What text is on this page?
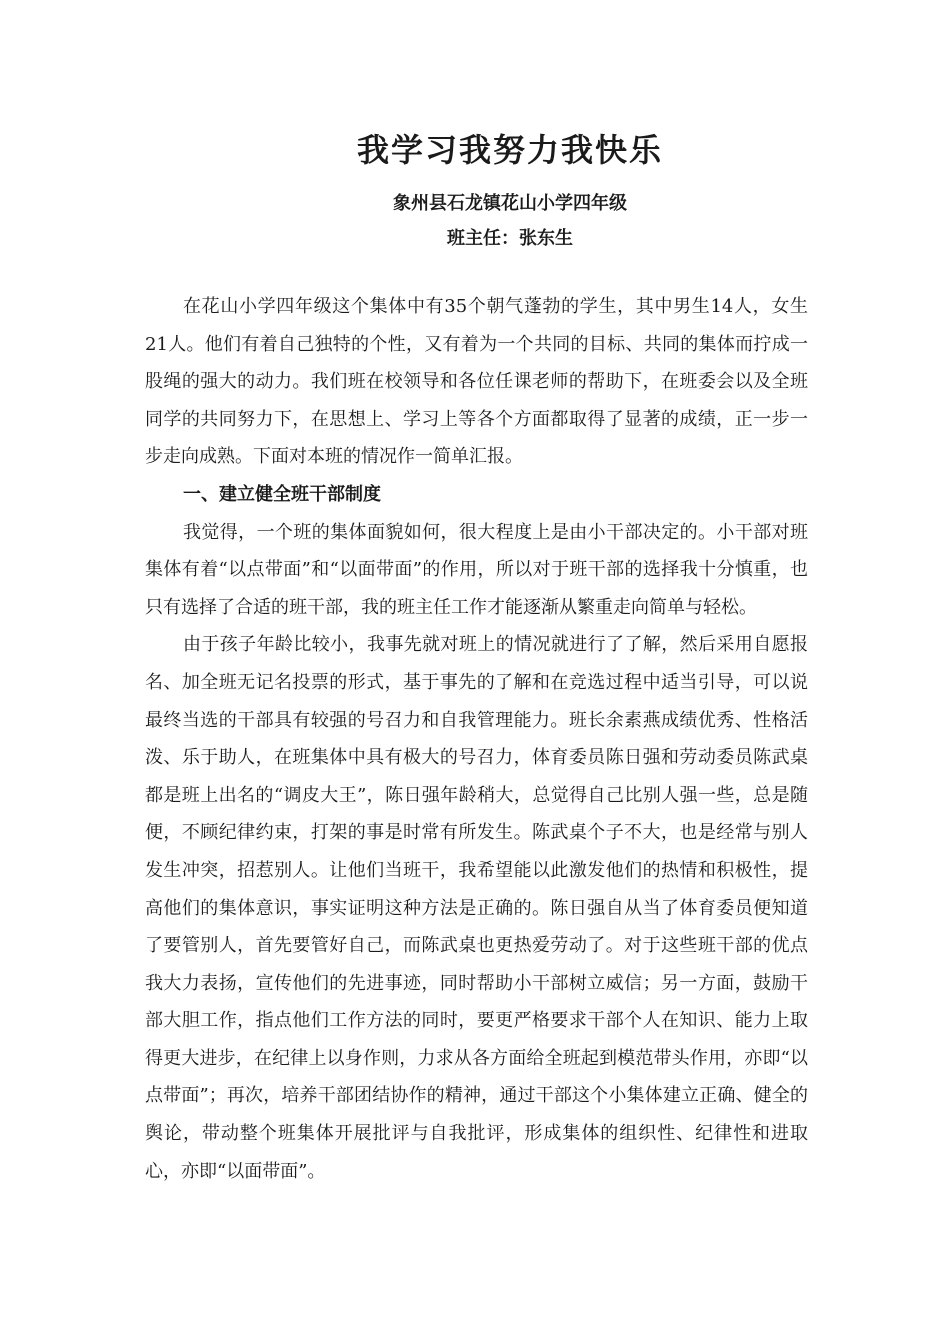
我学习我努力我快乐

象州县石龙镇花山小学四年级

班主任：张东生

在花山小学四年级这个集体中有35个朝气蓬勃的学生，其中男生14人，女生21人。他们有着自己独特的个性，又有着为一个共同的目标、共同的集体而拧成一股绳的强大的动力。我们班在校领导和各位任课老师的帮助下，在班委会以及全班同学的共同努力下，在思想上、学习上等各个方面都取得了显著的成绩，正一步一步走向成熟。下面对本班的情况作一简单汇报。

一、建立健全班干部制度

我觉得，一个班的集体面貌如何，很大程度上是由小干部决定的。小干部对班集体有着“以点带面”和“以面带面”的作用，所以对于班干部的选择我十分慎重，也只有选择了合适的班干部，我的班主任工作才能逐渐从繁重走向简单与轻松。

由于孩子年龄比较小，我事先就对班上的情况就进行了了解，然后采用自愿报名、加全班无记名投票的形式，基于事先的了解和在竞选过程中适当引导，可以说最终当选的干部具有较强的号召力和自我管理能力。班长余素燕成绩优秀、性格活泼、乐于助人，在班集体中具有极大的号召力，体育委员陈日强和劳动委员陈武桌都是班上出名的“调皮大王”，陈日强年龄稍大，总觉得自己比别人强一些，总是随便，不顾纪律约束，打架的事是时常有所发生。陈武桌个子不大，也是经常与别人发生冲突，招惹别人。让他们当班干，我希望能以此激发他们的热情和积极性，提高他们的集体意识，事实证明这种方法是正确的。陈日强自从当了体育委员便知道了要管别人，首先要管好自己，而陈武桌也更热爱劳动了。对于这些班干部的优点我大力表扬，宣传他们的先进事迹，同时帮助小干部树立威信；另一方面，鼓励干部大胆工作，指点他们工作方法的同时，要更严格要求干部个人在知识、能力上取得更大进步，在纪律上以身作则，力求从各方面给全班起到模范带头作用，亦即“以点带面”；再次，培养干部团结协作的精神，通过干部这个小集体建立正确、健全的舆论，带动整个班集体开展批评与自我批评，形成集体的组织性、纪律性和进取心，亦即“以面带面”。
